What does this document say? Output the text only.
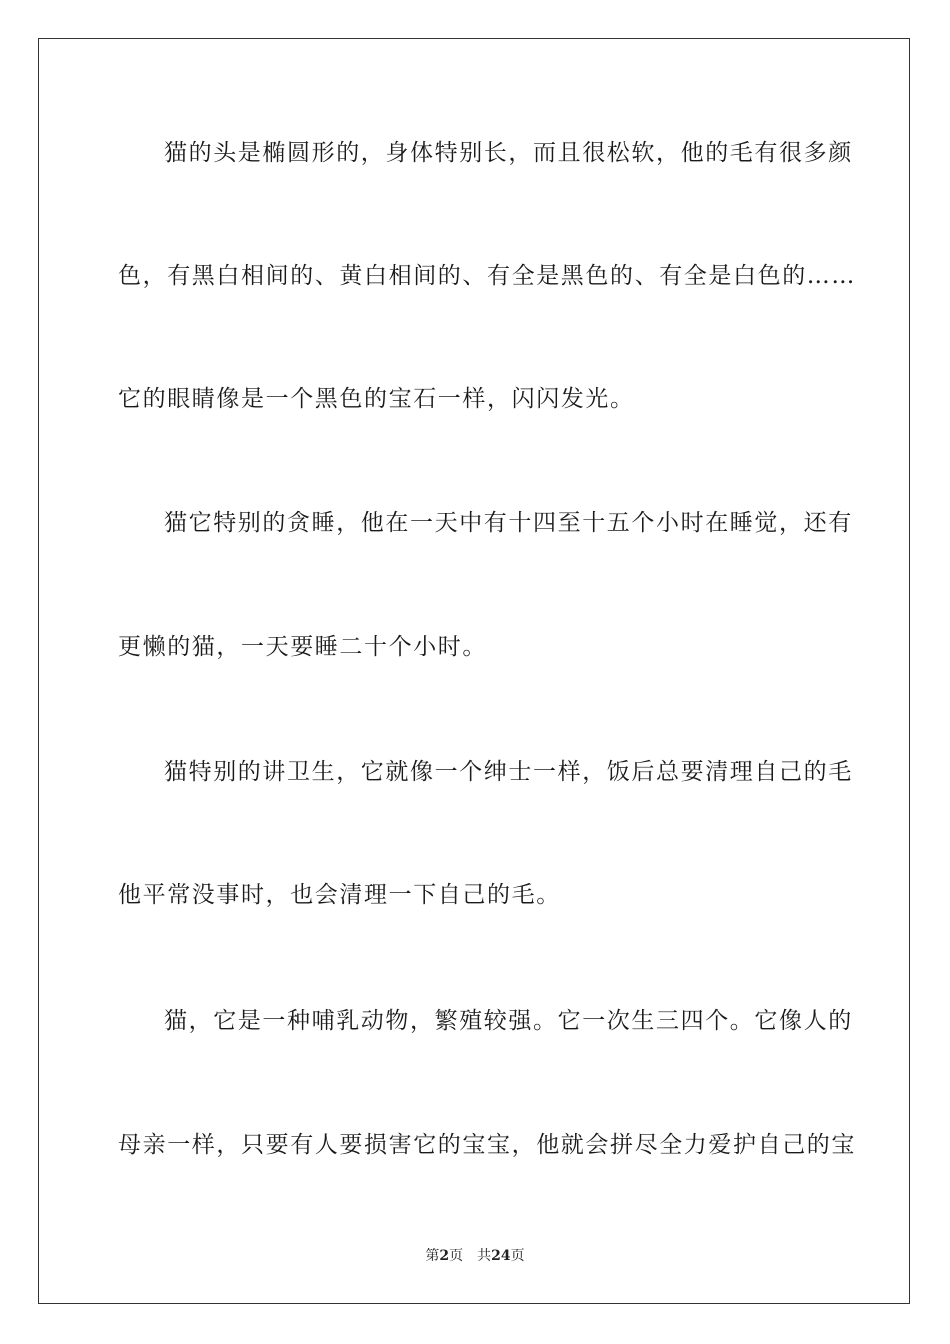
猫的头是椭圆形的，身体特别长，而且很松软，他的毛有很多颜

色，有黑白相间的、黄白相间的、有全是黑色的、有全是白色的……

它的眼睛像是一个黑色的宝石一样，闪闪发光。

猫它特别的贪睡，他在一天中有十四至十五个小时在睡觉，还有

更懒的猫，一天要睡二十个小时。

猫特别的讲卫生，它就像一个绅士一样，饭后总要清理自己的毛

他平常没事时，也会清理一下自己的毛。

猫，它是一种哺乳动物，繁殖较强。它一次生三四个。它像人的

母亲一样，只要有人要损害它的宝宝，他就会拼尽全力爱护自己的宝

第2页 共24页
